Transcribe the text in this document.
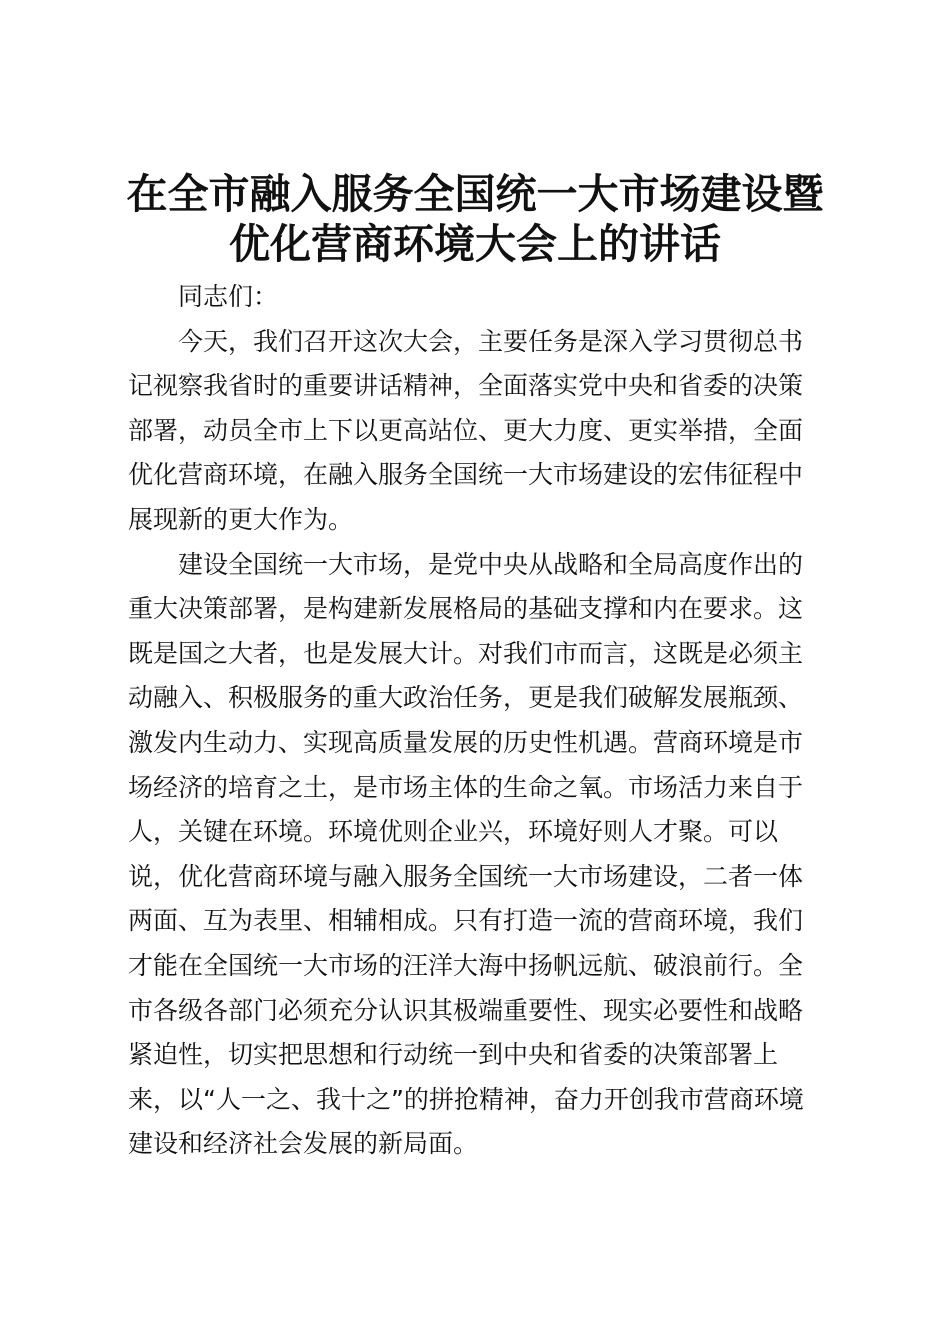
在全市融入服务全国统一大市场建设暨
优化营商环境大会上的讲话
同志们：
今天，我们召开这次大会，主要任务是深入学习贯彻总书
记视察我省时的重要讲话精神，全面落实党中央和省委的决策
部署，动员全市上下以更高站位、更大力度、更实举措，全面
优化营商环境，在融入服务全国统一大市场建设的宏伟征程中
展现新的更大作为。
建设全国统一大市场，是党中央从战略和全局高度作出的
重大决策部署，是构建新发展格局的基础支撑和内在要求。这
既是国之大者，也是发展大计。对我们市而言，这既是必须主
动融入、积极服务的重大政治任务，更是我们破解发展瓶颈、
激发内生动力、实现高质量发展的历史性机遇。营商环境是市
场经济的培育之土，是市场主体的生命之氧。市场活力来自于
人，关键在环境。环境优则企业兴，环境好则人才聚。可以
说，优化营商环境与融入服务全国统一大市场建设，二者一体
两面、互为表里、相辅相成。只有打造一流的营商环境，我们
才能在全国统一大市场的汪洋大海中扬帆远航、破浪前行。全
市各级各部门必须充分认识其极端重要性、现实必要性和战略
紧迫性，切实把思想和行动统一到中央和省委的决策部署上
来，以“人一之、我十之”的拼抢精神，奋力开创我市营商环境
建设和经济社会发展的新局面。
